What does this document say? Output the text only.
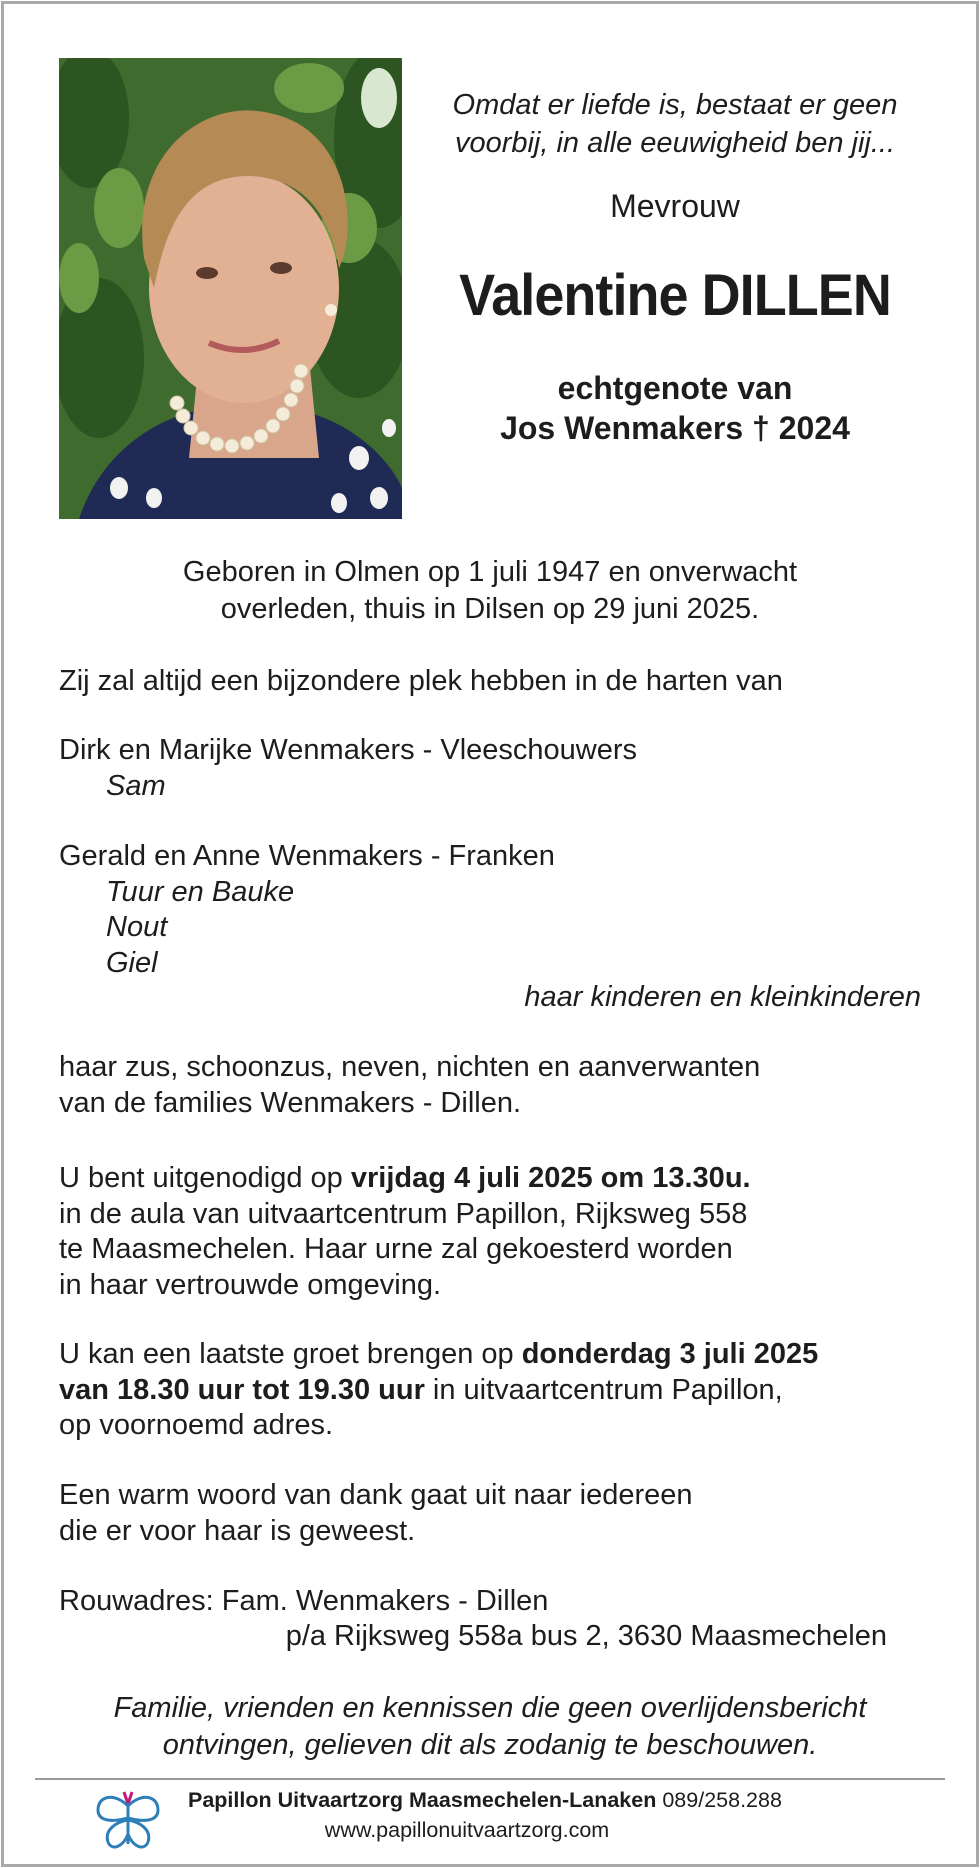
Omdat er liefde is, bestaat er geen
voorbij, in alle eeuwigheid ben jij...
Mevrouw
Valentine DILLEN
echtgenote van
Jos Wenmakers † 2024
Geboren in Olmen op 1 juli 1947 en onverwacht
overleden, thuis in Dilsen op 29 juni 2025.
Zij zal altijd een bijzondere plek hebben in de harten van
Dirk en Marijke Wenmakers - Vleeschouwers
Sam
Gerald en Anne Wenmakers - Franken
Tuur en Bauke
Nout
Giel
haar kinderen en kleinkinderen
haar zus, schoonzus, neven, nichten en aanverwanten
van de families Wenmakers - Dillen.
U bent uitgenodigd op vrijdag 4 juli 2025 om 13.30u.
in de aula van uitvaartcentrum Papillon, Rijksweg 558
te Maasmechelen. Haar urne zal gekoesterd worden
in haar vertrouwde omgeving.
U kan een laatste groet brengen op donderdag 3 juli 2025
van 18.30 uur tot 19.30 uur in uitvaartcentrum Papillon,
op voornoemd adres.
Een warm woord van dank gaat uit naar iedereen
die er voor haar is geweest.
Rouwadres: Fam. Wenmakers - Dillen
p/a Rijksweg 558a bus 2, 3630 Maasmechelen
Familie, vrienden en kennissen die geen overlijdensbericht
ontvingen, gelieven dit als zodanig te beschouwen.
Papillon Uitvaartzorg Maasmechelen-Lanaken 089/258.288
www.papillonuitvaartzorg.com
